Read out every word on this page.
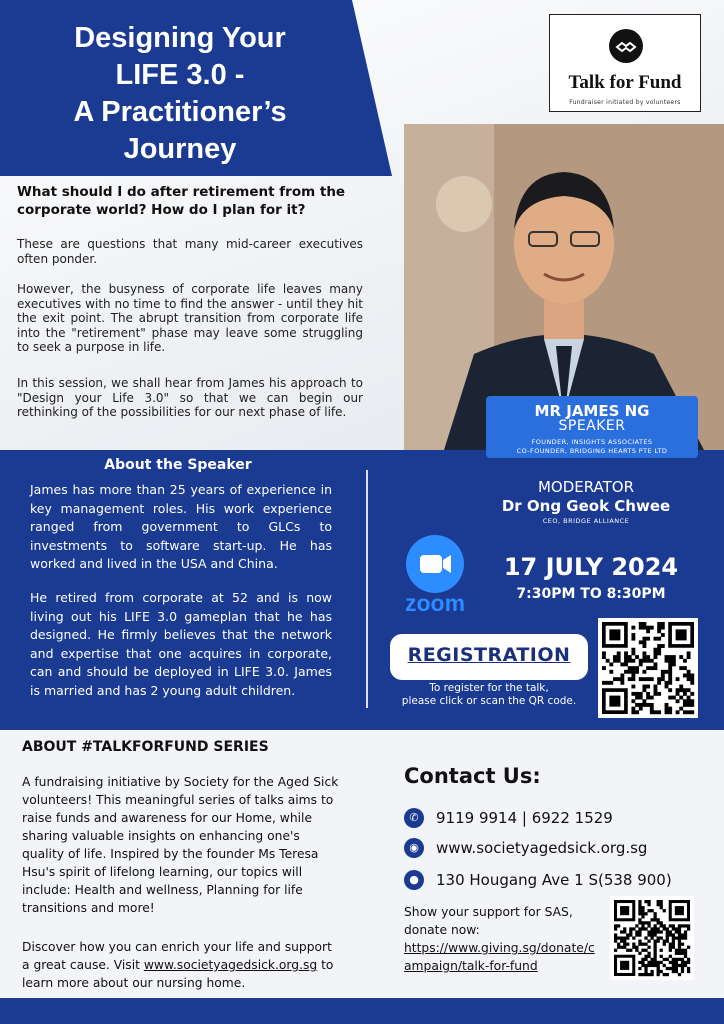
Designing Your
LIFE 3.0 -
A Practitioner’s
Journey
Talk for Fund
Fundraiser initiated by volunteers
What should I do after retirement from the corporate world? How do I plan for it?
These are questions that many mid-career executives often ponder.
However, the busyness of corporate life leaves many executives with no time to find the answer - until they hit the exit point. The abrupt transition from corporate life into the "retirement" phase may leave some struggling to seek a purpose in life.
In this session, we shall hear from James his approach to "Design your Life 3.0" so that we can begin our rethinking of the possibilities for our next phase of life.	MR JAMES NG
SPEAKER
FOUNDER, INSIGHTS ASSOCIATES
CO-FOUNDER, BRIDGING HEARTS PTE LTD
About the Speaker
James has more than 25 years of experience in key management roles. His work experience ranged from government to GLCs to investments to software start-up. He has worked and lived in the USA and China.
He retired from corporate at 52 and is now living out his LIFE 3.0 gameplan that he has designed. He firmly believes that the network and expertise that one acquires in corporate, can and should be deployed in LIFE 3.0. James is married and has 2 young adult children.
MODERATOR
Dr Ong Geok Chwee
CEO, BRIDGE ALLIANCE
zoom
17 JULY 2024
7:30PM TO 8:30PM
REGISTRATION
To register for the talk,
please click or scan the QR code.
ABOUT #TALKFORFUND SERIES
A fundraising initiative by Society for the Aged Sick volunteers! This meaningful series of talks aims to raise funds and awareness for our Home, while sharing valuable insights on enhancing one's quality of life. Inspired by the founder Ms Teresa Hsu's spirit of lifelong learning, our topics will include: Health and wellness, Planning for life transitions and more!
Discover how you can enrich your life and support a great cause. Visit www.societyagedsick.org.sg to learn more about our nursing home.
Contact Us:
✆	9119 9914 | 6922 1529
◉	www.societyagedsick.org.sg
●	130 Hougang Ave 1 S(538 900)
Show your support for SAS, donate now:
https://www.giving.sg/donate/campaign/talk-for-fund
